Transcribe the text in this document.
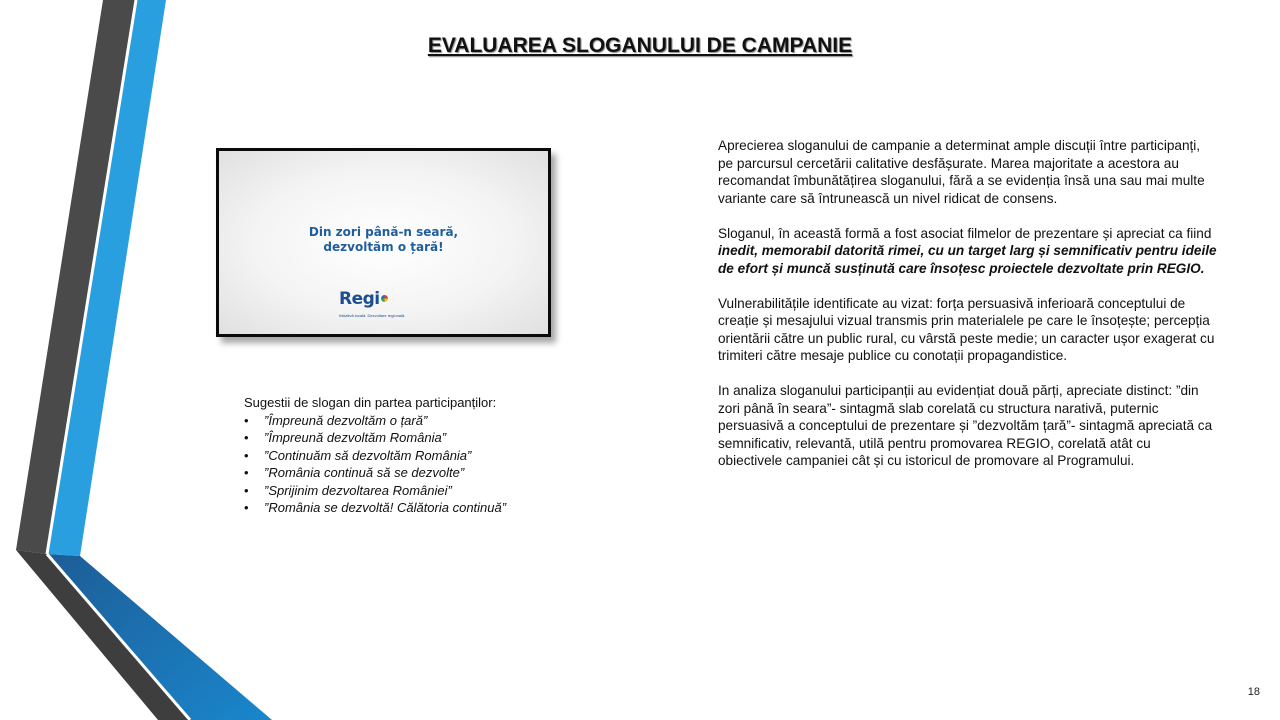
EVALUAREA SLOGANULUI DE CAMPANIE
Din zori până-n seară,
dezvoltăm o țară!
Regi
Inițiativă locală. Dezvoltare regională.
Sugestii de slogan din partea participanților:
• ”Împreună dezvoltăm o țară”
• ”Împreună dezvoltăm România”
• ”Continuăm să dezvoltăm România”
• ”România continuă să se dezvolte”
• ”Sprijinim dezvoltarea României”
• ”România se dezvoltă! Călătoria continuă”

Aprecierea sloganului de campanie a determinat ample discuții între participanți, pe parcursul cercetării calitative desfășurate. Marea majoritate a acestora au recomandat îmbunătățirea sloganului, fără a se evidenția însă una sau mai multe variante care să întrunească un nivel ridicat de consens.

Sloganul, în această formă a fost asociat filmelor de prezentare și apreciat ca fiind inedit, memorabil datorită rimei, cu un target larg și semnificativ pentru ideile de efort și muncă susținută care însoțesc proiectele dezvoltate prin REGIO.

Vulnerabilitățile identificate au vizat: forța persuasivă inferioară conceptului de creație și mesajului vizual transmis prin materialele pe care le însoțește; percepția orientării către un public rural, cu vârstă peste medie; un caracter ușor exagerat cu trimiteri către mesaje publice cu conotații propagandistice.

In analiza sloganului participanții au evidențiat două părți, apreciate distinct: ”din zori până în seara”- sintagmă slab corelată cu structura narativă, puternic persuasivă a conceptului de prezentare și ”dezvoltăm țară”- sintagmă apreciată ca semnificativ, relevantă, utilă pentru promovarea REGIO, corelată atât cu obiectivele campaniei cât și cu istoricul de promovare al Programului.

18
